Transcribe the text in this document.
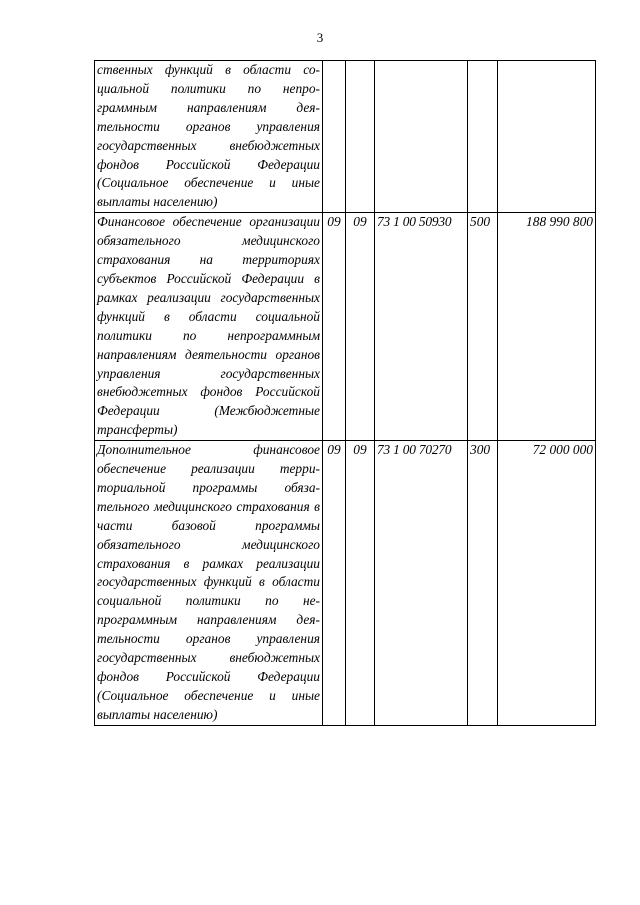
3
ственных функций в области социальной политики по непрограммным направлениям деятельности органов управления государственных внебюджетных фондов Российской Федерации (Социальное обеспечение и иные выплаты населению)					
Финансовое обеспечение организации обязательного медицинского страхования на территориях субъектов Российской Федерации в рамках реализации государственных функций в области социальной политики по непрограммным направлениям деятельности органов управления государственных внебюджетных фондов Российской Федерации (Межбюджетные трансферты)	09	09	73 1 00 50930	500	188 990 800
Дополнительное финансовое обеспечение реализации территориальной программы обязательного медицинского страхования в части базовой программы обязательного медицинского страхования в рамках реализации государственных функций в области социальной политики по непрограммным направлениям деятельности органов управления государственных внебюджетных фондов Российской Федерации (Социальное обеспечение и иные выплаты населению)	09	09	73 1 00 70270	300	72 000 000
